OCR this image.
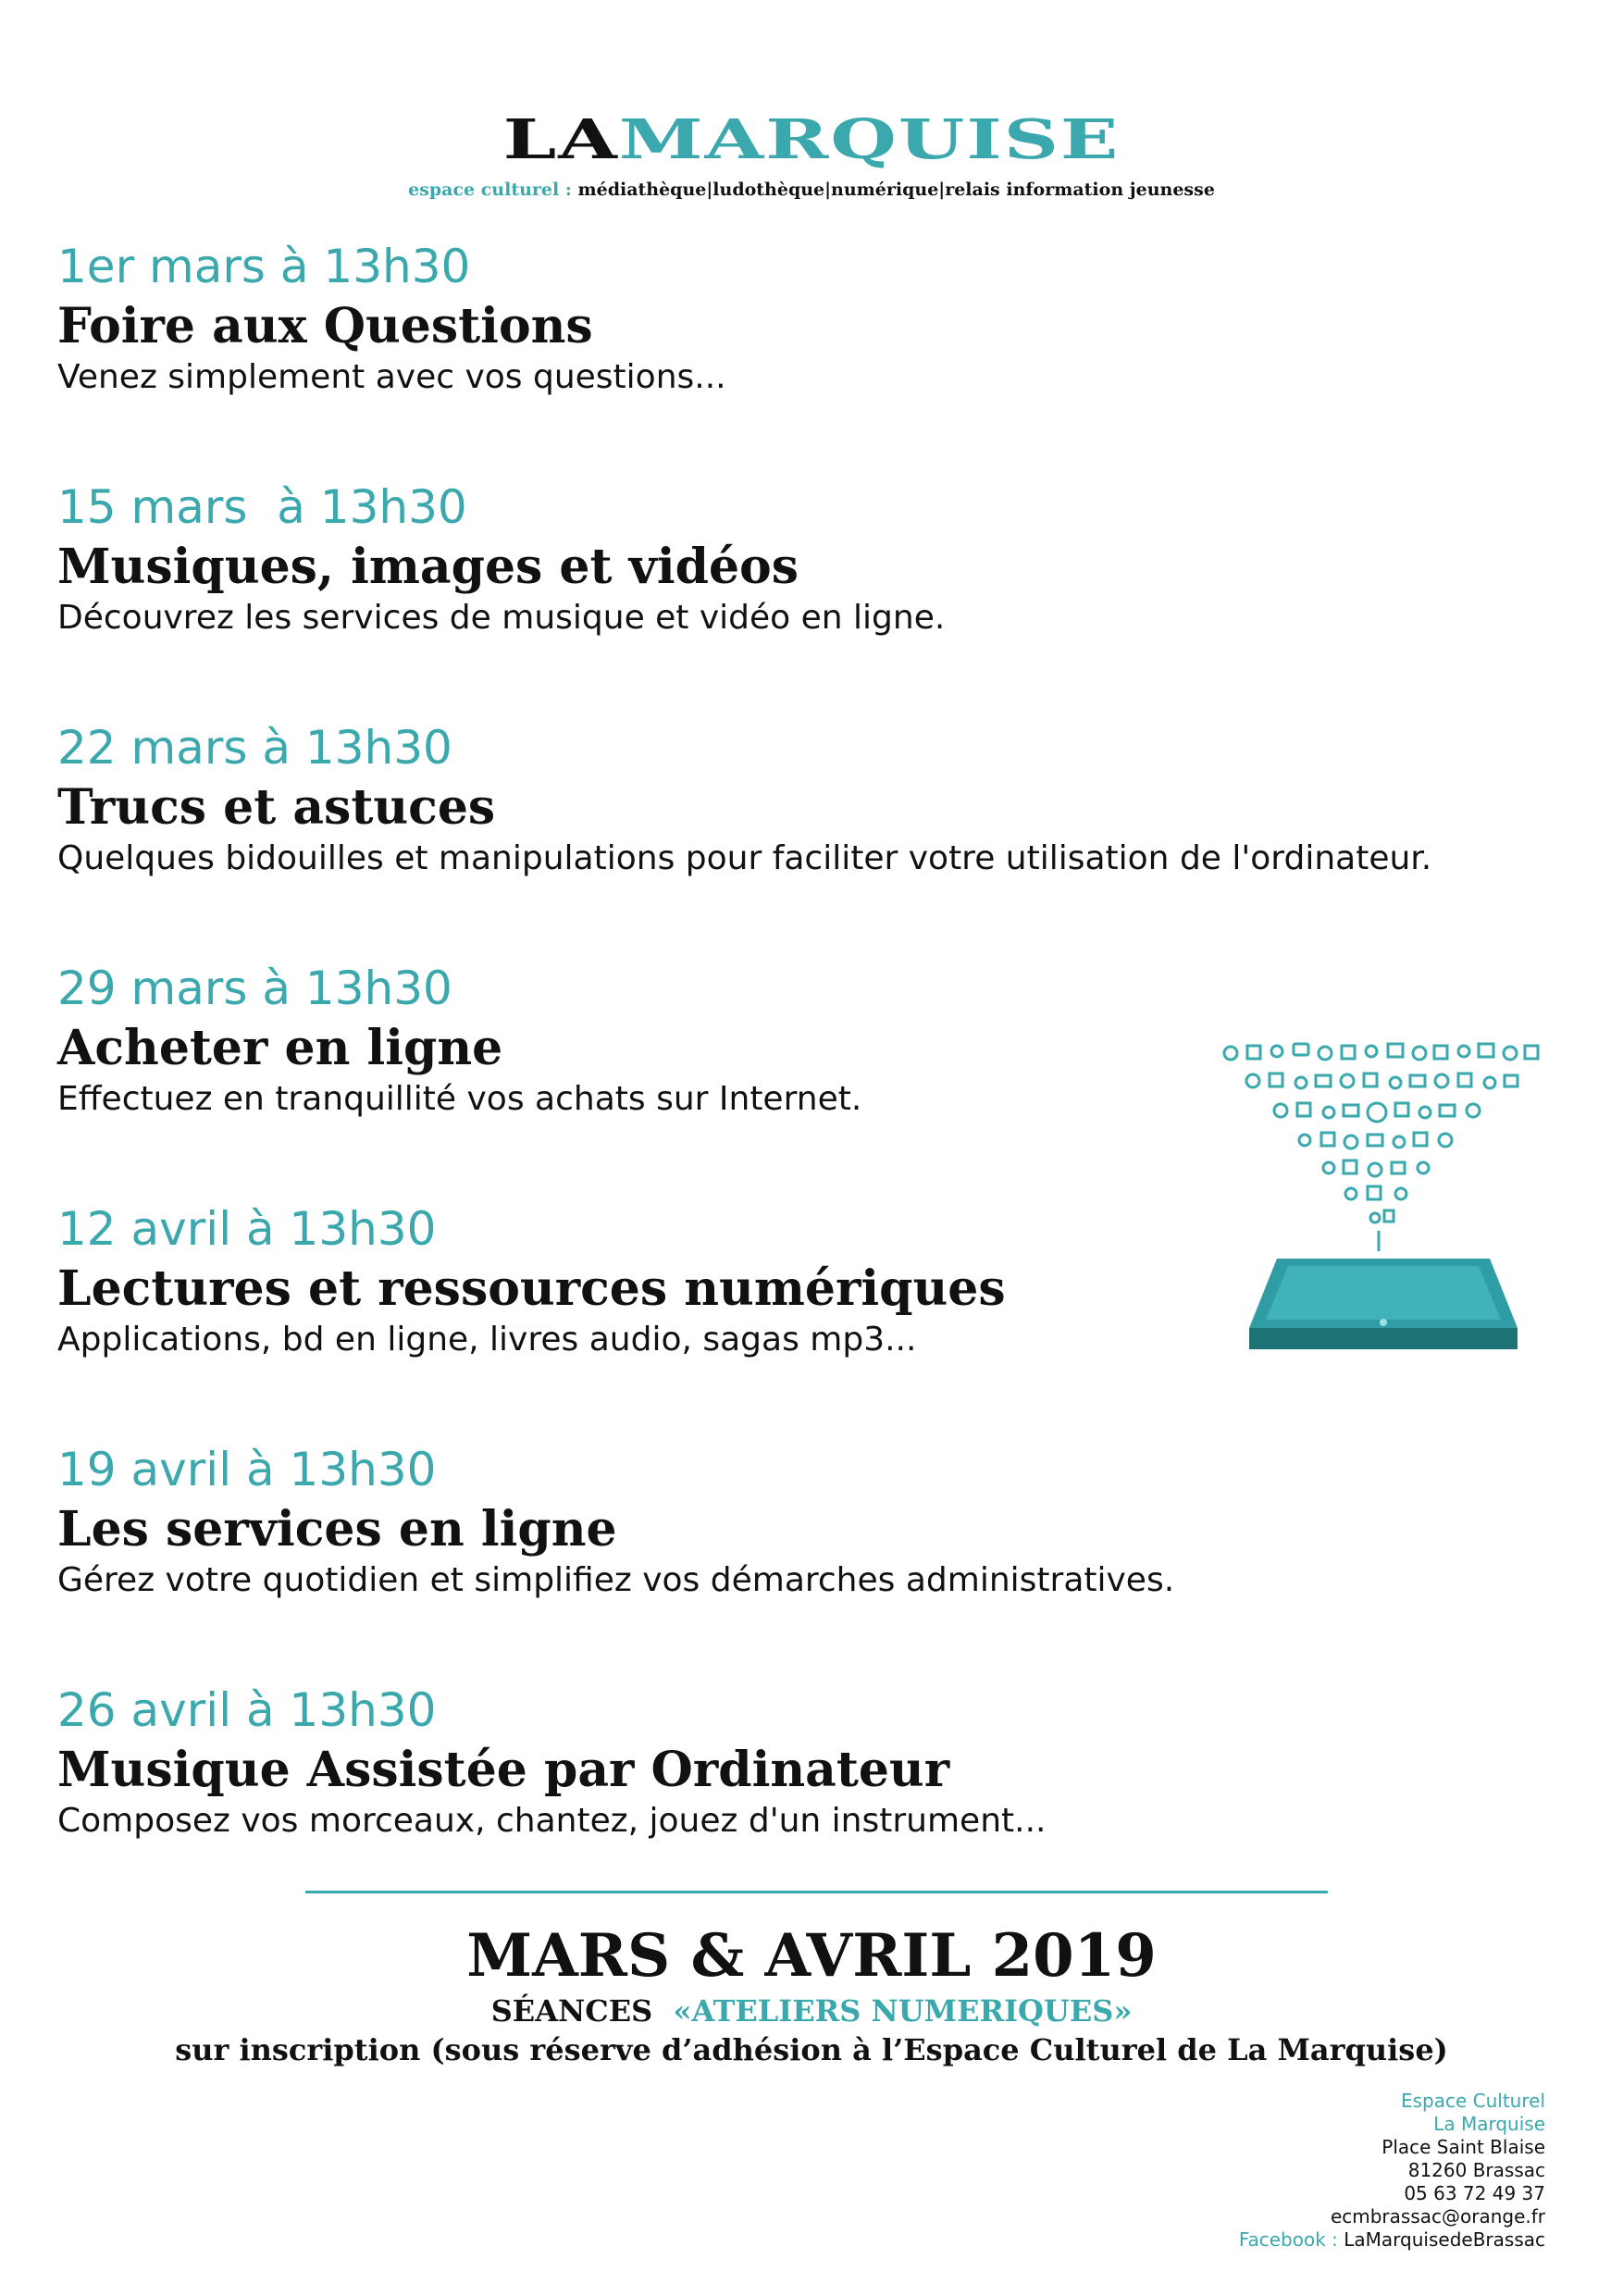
LAMARQUISE
espace culturel : médiathèque|ludothèque|numérique|relais information jeunesse
1er mars à 13h30
Foire aux Questions
Venez simplement avec vos questions...
15 mars  à 13h30
Musiques, images et vidéos
Découvrez les services de musique et vidéo en ligne.
22 mars à 13h30
Trucs et astuces
Quelques bidouilles et manipulations pour faciliter votre utilisation de l'ordinateur.
29 mars à 13h30
Acheter en ligne
Effectuez en tranquillité vos achats sur Internet.
12 avril à 13h30
Lectures et ressources numériques
Applications, bd en ligne, livres audio, sagas mp3...
19 avril à 13h30
Les services en ligne
Gérez votre quotidien et simplifiez vos démarches administratives.
26 avril à 13h30
Musique Assistée par Ordinateur
Composez vos morceaux, chantez, jouez d'un instrument...
MARS & AVRIL 2019
SÉANCES «ATELIERS NUMERIQUES»
sur inscription (sous réserve d’adhésion à l’Espace Culturel de La Marquise)
Espace Culturel
La Marquise
Place Saint Blaise
81260 Brassac
05 63 72 49 37
ecmbrassac@orange.fr
Facebook : LaMarquisedeBrassac
